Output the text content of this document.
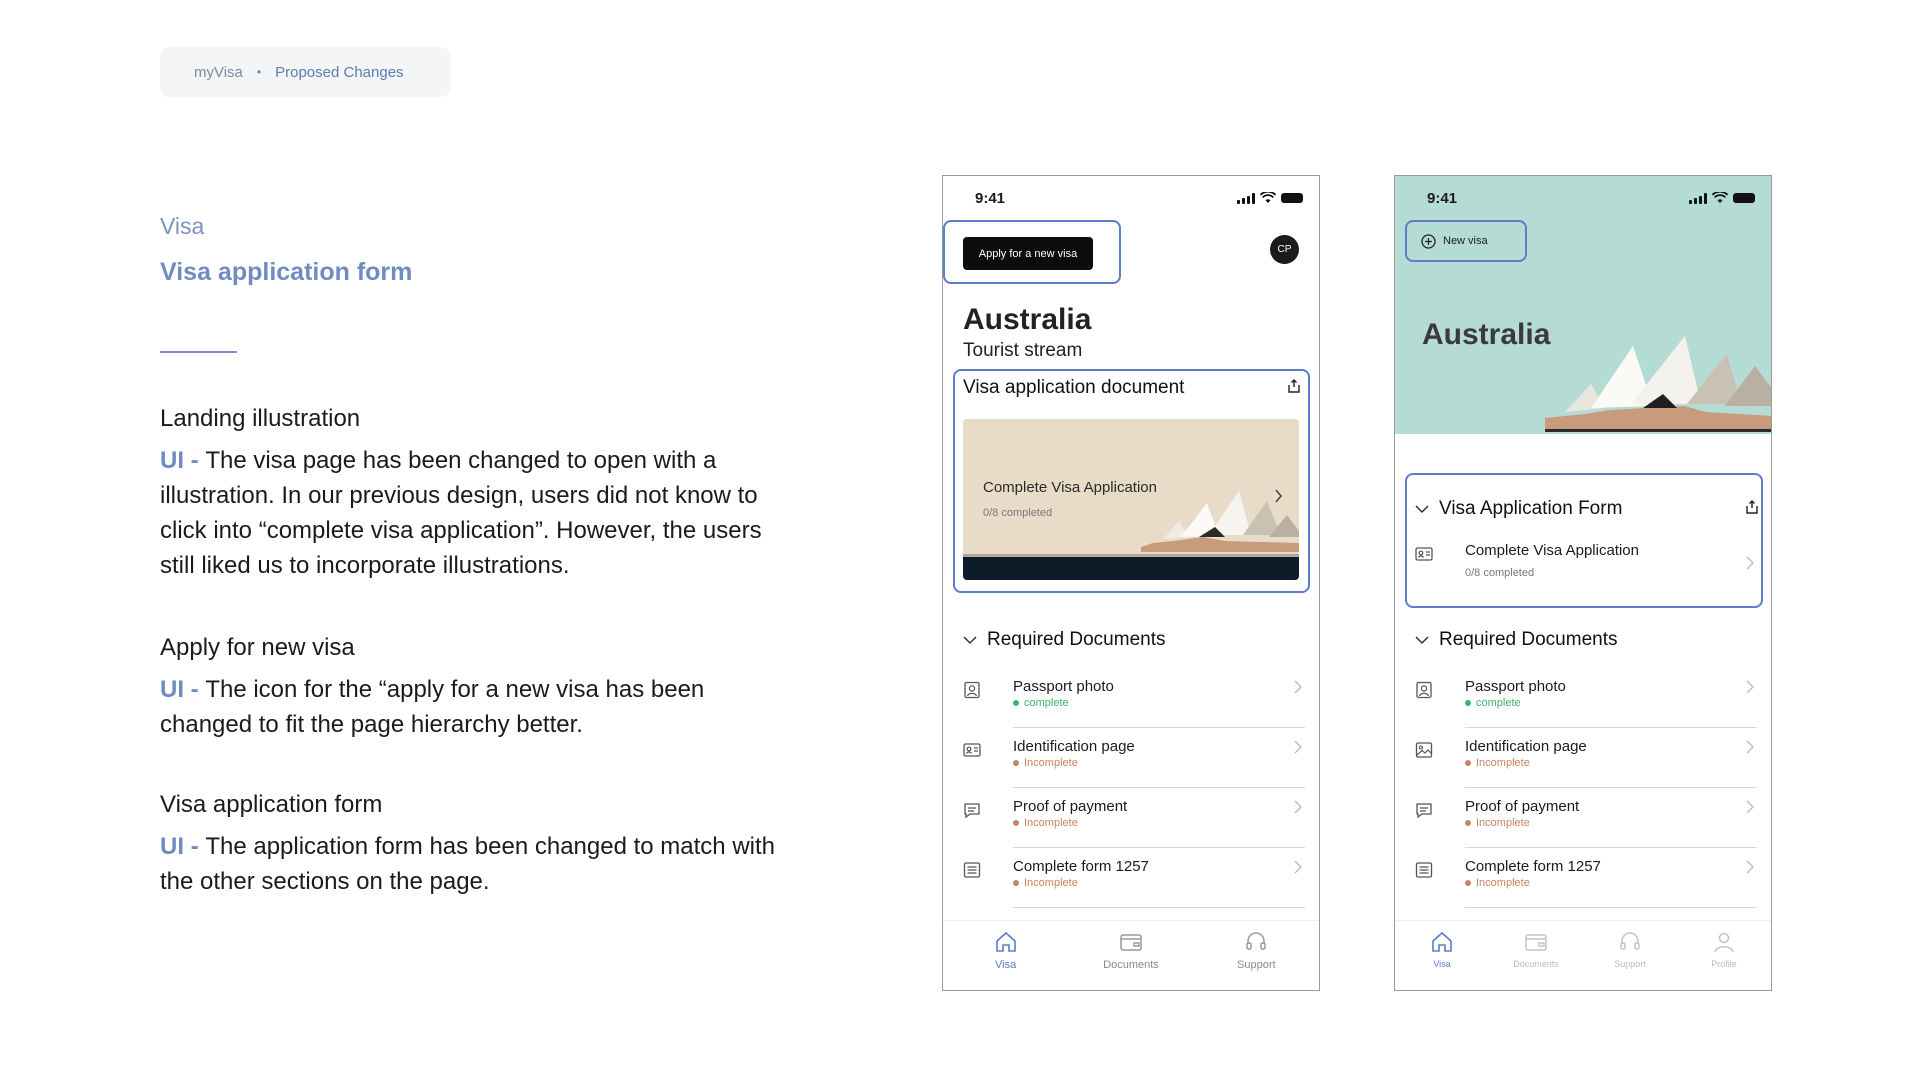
myVisa • Proposed Changes
Visa
Visa application form
Landing illustration

UI - The visa page has been changed to open with a illustration. In our previous design, users did not know to click into “complete visa application”. However, the users still liked us to incorporate illustrations.

Apply for new visa

UI - The icon for the “apply for a new visa has been changed to fit the page hierarchy better.

Visa application form

UI - The application form has been changed to match with the other sections on the page.

9:41
Apply for a new visa	CP
Australia
Tourist stream
Visa application document
Complete Visa Application
0/8 completed
Required Documents
Passport photo
complete
Identification page
Incomplete
Proof of payment
Incomplete
Complete form 1257
Incomplete
Visa	Documents	Support
9:41
New visa
Australia
Visa Application Form
Complete Visa Application
0/8 completed
Required Documents
Passport photo
complete
Identification page
Incomplete
Proof of payment
Incomplete
Complete form 1257
Incomplete
Visa	Documents	Support	Profile
